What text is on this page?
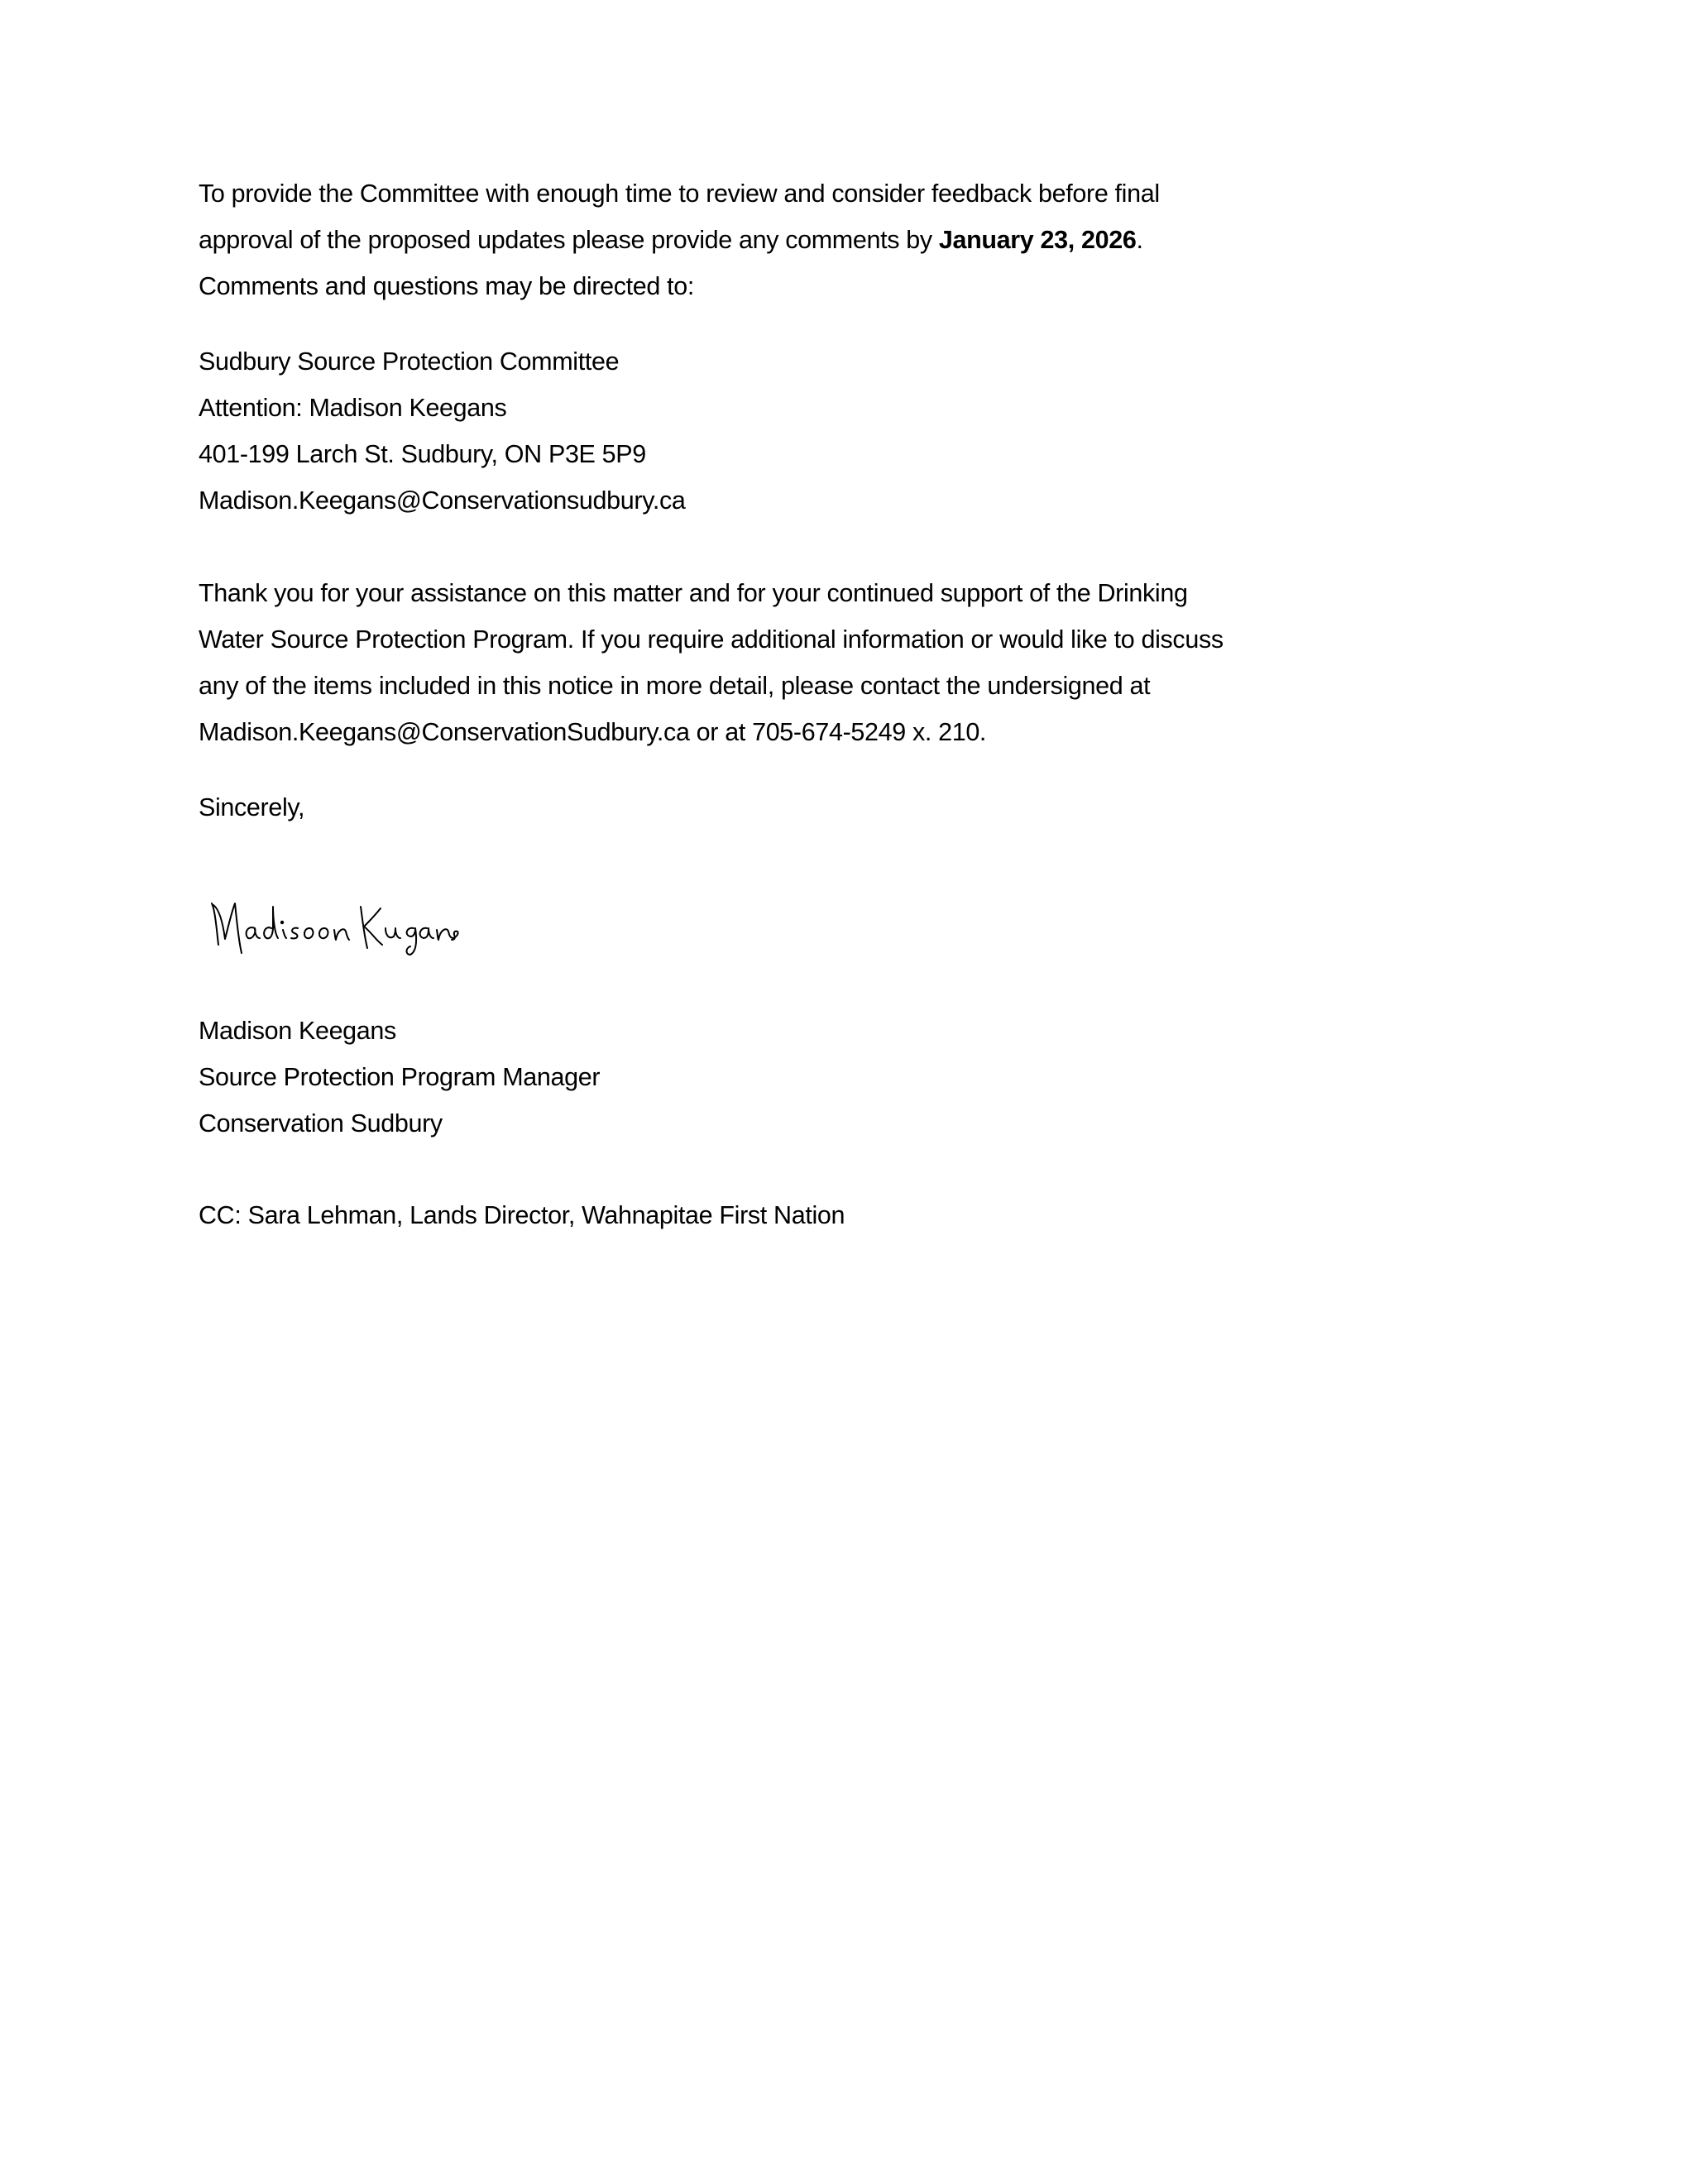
To provide the Committee with enough time to review and consider feedback before final
approval of the proposed updates please provide any comments by January 23, 2026.
Comments and questions may be directed to:
Sudbury Source Protection Committee
Attention: Madison Keegans
401-199 Larch St. Sudbury, ON P3E 5P9
Madison.Keegans@Conservationsudbury.ca
Thank you for your assistance on this matter and for your continued support of the Drinking
Water Source Protection Program. If you require additional information or would like to discuss
any of the items included in this notice in more detail, please contact the undersigned at
Madison.Keegans@ConservationSudbury.ca or at 705-674-5249 x. 210.
Sincerely,
Madison Keegans
Source Protection Program Manager
Conservation Sudbury
CC: Sara Lehman, Lands Director, Wahnapitae First Nation
